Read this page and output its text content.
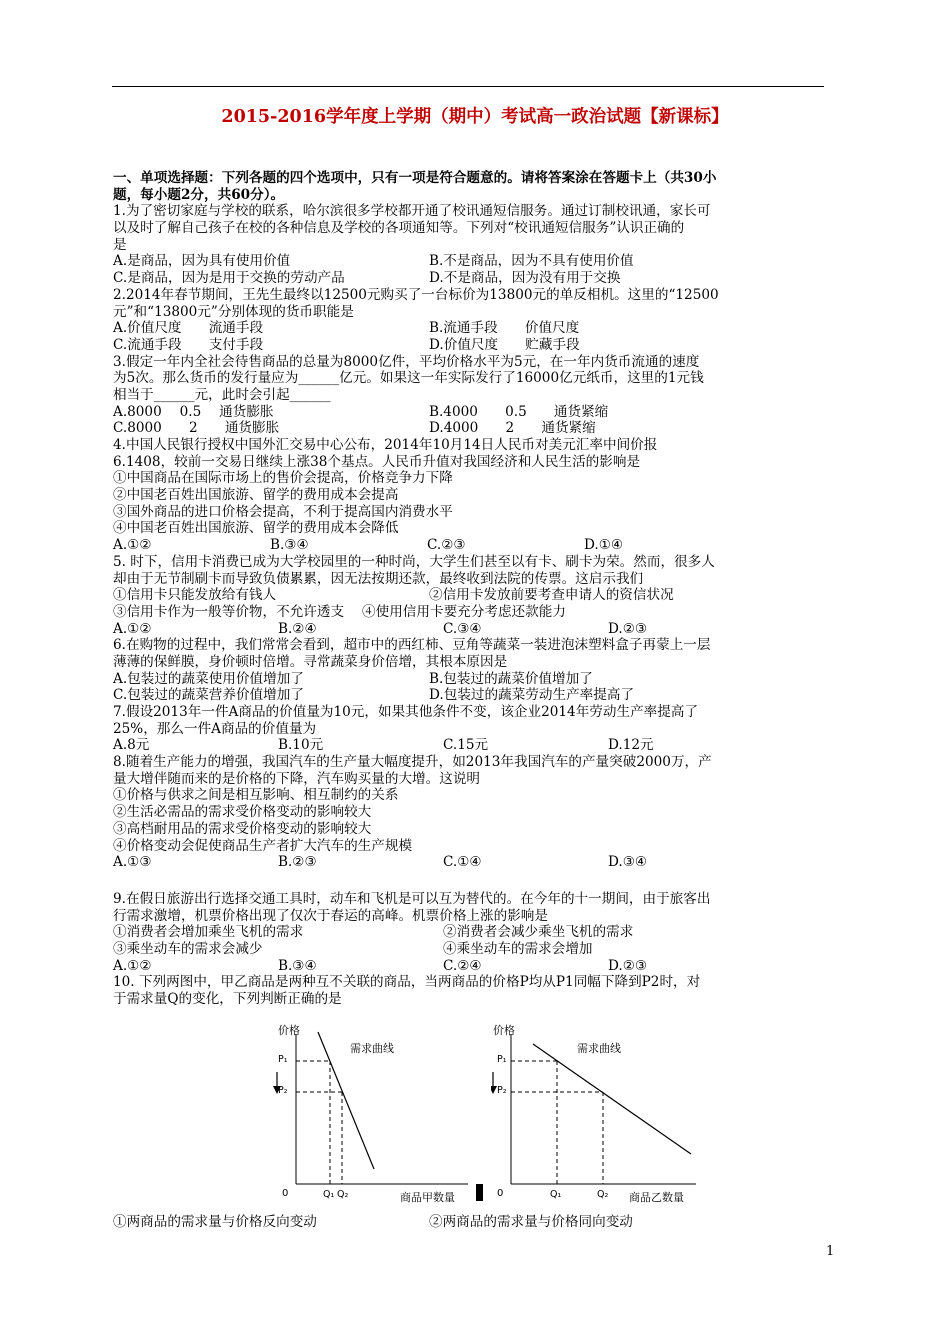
2015-2016学年度上学期（期中）考试高一政治试题【新课标】
一、单项选择题：下列各题的四个选项中，只有一项是符合题意的。请将答案涂在答题卡上（共30小
题，每小题2分，共60分）。
1.为了密切家庭与学校的联系，哈尔滨很多学校都开通了校讯通短信服务。通过订制校讯通，家长可
以及时了解自己孩子在校的各种信息及学校的各项通知等。下列对“校讯通短信服务”认识正确的
是
A.是商品，因为具有使用价值	B.不是商品，因为不具有使用价值
C.是商品，因为是用于交换的劳动产品	D.不是商品，因为没有用于交换
2.2014年春节期间，王先生最终以12500元购买了一台标价为13800元的单反相机。这里的“12500
元”和“13800元”分别体现的货币职能是
A.价值尺度　　流通手段	B.流通手段　　价值尺度
C.流通手段　　支付手段	D.价值尺度　　贮藏手段
3.假定一年内全社会待售商品的总量为8000亿件，平均价格水平为5元，在一年内货币流通的速度
为5次。那么货币的发行量应为______亿元。如果这一年实际发行了16000亿元纸币，这里的1元钱
相当于______元，此时会引起______
A.8000　 0.5　 通货膨胀	B.4000　　0.5　　通货紧缩
C.8000　　2　　通货膨胀	D.4000　　2　　通货紧缩
4.中国人民银行授权中国外汇交易中心公布，2014年10月14日人民币对美元汇率中间价报
6.1408，较前一交易日继续上涨38个基点。人民币升值对我国经济和人民生活的影响是
①中国商品在国际市场上的售价会提高，价格竞争力下降
②中国老百姓出国旅游、留学的费用成本会提高
③国外商品的进口价格会提高，不利于提高国内消费水平
④中国老百姓出国旅游、留学的费用成本会降低
A.①②	B.③④	C.②③	D.①④
5. 时下，信用卡消费已成为大学校园里的一种时尚，大学生们甚至以有卡、刷卡为荣。然而，很多人
却由于无节制刷卡而导致负债累累，因无法按期还款，最终收到法院的传票。这启示我们
①信用卡只能发放给有钱人	②信用卡发放前要考查申请人的资信状况
③信用卡作为一般等价物，不允许透支　 ④使用信用卡要充分考虑还款能力
A.①②	B.②④	C.③④	D.②③
6.在购物的过程中，我们常常会看到，超市中的西红柿、豆角等蔬菜一装进泡沫塑料盒子再蒙上一层
薄薄的保鲜膜，身价顿时倍增。寻常蔬菜身价倍增，其根本原因是
A.包装过的蔬菜使用价值增加了	B.包装过的蔬菜价值增加了
C.包装过的蔬菜营养价值增加了	D.包装过的蔬菜劳动生产率提高了
7.假设2013年一件A商品的价值量为10元，如果其他条件不变，该企业2014年劳动生产率提高了
25%，那么一件A商品的价值量为
A.8元	B.10元	C.15元	D.12元
8.随着生产能力的增强，我国汽车的生产量大幅度提升，如2013年我国汽车的产量突破2000万，产
量大增伴随而来的是价格的下降，汽车购买量的大增。这说明
①价格与供求之间是相互影响、相互制约的关系
②生活必需品的需求受价格变动的影响较大
③高档耐用品的需求受价格变动的影响较大
④价格变动会促使商品生产者扩大汽车的生产规模
A.①③	B.②③	C.①④	D.③④
9.在假日旅游出行选择交通工具时，动车和飞机是可以互为替代的。在今年的十一期间，由于旅客出
行需求激增，机票价格出现了仅次于春运的高峰。机票价格上涨的影响是
①消费者会增加乘坐飞机的需求	②消费者会减少乘坐飞机的需求
③乘坐动车的需求会减少	④乘坐动车的需求会增加
A.①②	B.③④	C.②④	D.②③
10. 下列两图中，甲乙商品是两种互不关联的商品，当两商品的价格P均从P1同幅下降到P2时，对
于需求量Q的变化，下列判断正确的是
价格
P₁
P₂
需求曲线
0	Q₁ Q₂	商品甲数量
价格
P₁
P₂
需求曲线
0	Q₁	Q₂ 商品乙数量
①两商品的需求量与价格反向变动	②两商品的需求量与价格同向变动
1
